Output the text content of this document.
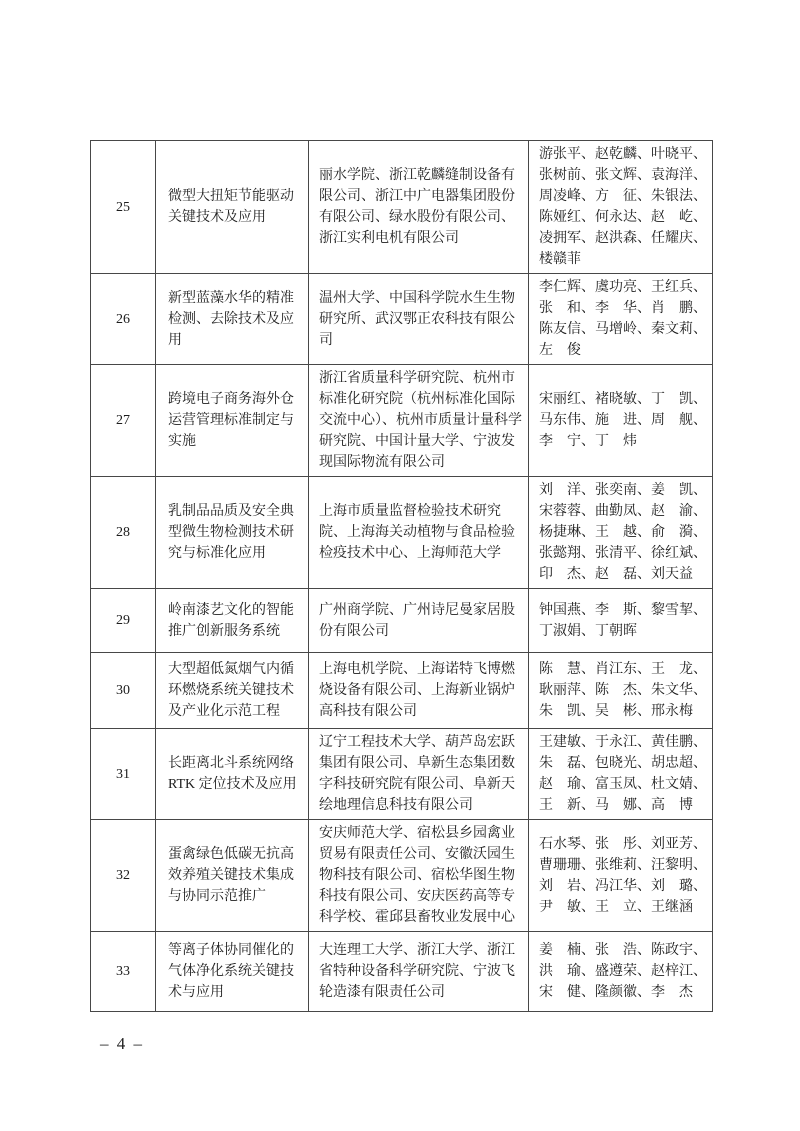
25	微型大扭矩节能驱动关键技术及应用	丽水学院、浙江乾麟缝制设备有限公司、浙江中广电器集团股份有限公司、绿水股份有限公司、浙江实利电机有限公司	游张平、赵乾麟、叶晓平、张树前、张文辉、袁海洋、周凌峰、方　征、朱银法、陈娅红、何永达、赵　屹、凌拥军、赵洪森、任耀庆、楼赣菲
26	新型蓝藻水华的精准检测、去除技术及应用	温州大学、中国科学院水生生物研究所、武汉鄂正农科技有限公司	李仁辉、虞功亮、王红兵、张　和、李　华、肖　鹏、陈友信、马增岭、秦文莉、左　俊
27	跨境电子商务海外仓运营管理标准制定与实施	浙江省质量科学研究院、杭州市标准化研究院（杭州标准化国际交流中心）、杭州市质量计量科学研究院、中国计量大学、宁波发现国际物流有限公司	宋丽红、褚晓敏、丁　凯、马东伟、施　进、周　舰、李　宁、丁　炜
28	乳制品品质及安全典型微生物检测技术研究与标准化应用	上海市质量监督检验技术研究院、上海海关动植物与食品检验检疫技术中心、上海师范大学	刘　洋、张奕南、姜　凯、宋蓉蓉、曲勤凤、赵　渝、杨捷琳、王　越、俞　漪、张懿翔、张清平、徐红斌、印　杰、赵　磊、刘天益
29	岭南漆艺文化的智能推广创新服务系统	广州商学院、广州诗尼曼家居股份有限公司	钟国燕、李　斯、黎雪挈、丁淑娟、丁朝晖
30	大型超低氮烟气内循环燃烧系统关键技术及产业化示范工程	上海电机学院、上海诺特飞博燃烧设备有限公司、上海新业锅炉高科技有限公司	陈　慧、肖江东、王　龙、耿丽萍、陈　杰、朱文华、朱　凯、吴　彬、邢永梅
31	长距离北斗系统网络RTK 定位技术及应用	辽宁工程技术大学、葫芦岛宏跃集团有限公司、阜新生态集团数字科技研究院有限公司、阜新天绘地理信息科技有限公司	王建敏、于永江、黄佳鹏、朱　磊、包晓光、胡忠超、赵　瑜、富玉凤、杜文婧、王　新、马　娜、高　博
32	蛋禽绿色低碳无抗高效养殖关键技术集成与协同示范推广	安庆师范大学、宿松县乡园禽业贸易有限责任公司、安徽沃园生物科技有限公司、宿松华图生物科技有限公司、安庆医药高等专科学校、霍邱县畜牧业发展中心	石水琴、张　彤、刘亚芳、曹珊珊、张维莉、汪黎明、刘　岩、冯江华、刘　璐、尹　敏、王　立、王继涵
33	等离子体协同催化的气体净化系统关键技术与应用	大连理工大学、浙江大学、浙江省特种设备科学研究院、宁波飞轮造漆有限责任公司	姜　楠、张　浩、陈政宇、洪　瑜、盛遵荣、赵梓江、宋　健、隆颜徽、李　杰
– 4 –
